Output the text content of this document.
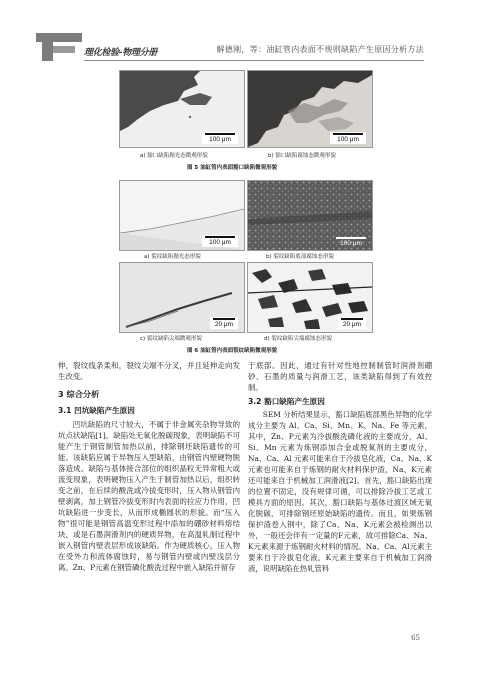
理化检验-物理分册	解德刚，等：油缸管内表面不规则缺陷产生原因分析方法
100 μm	100 μm
a) 豁口缺陷抛光态微观形貌	b) 豁口缺陷腐蚀态微观形貌
图 5 油缸管内表面豁口缺陷微观形貌
100 μm	100 μm
a) 裂纹缺陷抛光态形貌	b) 裂纹缺陷底部腐蚀态形貌
20 μm	20 μm
c) 裂纹缺陷尖端微观形貌	d) 裂纹缺陷尖端腐蚀态形貌
图 6 油缸管内表面裂纹缺陷微观形貌

伸，裂纹线条柔和，裂纹尖端不分叉，并且延伸走向发生改变。

3 综合分析
3.1 凹坑缺陷产生原因

凹坑缺陷的尺寸较大，不属于非金属夹杂物导致的坑点状缺陷[1]。缺陷处无氧化脱碳现象，表明缺陷不可能产生于钢管制管加热以前，排除钢坯缺陷遗传的可能。该缺陷应属于异物压入型缺陷，由钢管内壁硬物脱落造成。缺陷与基体接合部位的组织晶粒无异常粗大或流变现象，表明硬物压入产生于制管加热以后，组织转变之前，在后续的酸洗或冷拔变形时，压入物从钢管内壁剥离，加上钢管冷拔变形时内表面的拉应力作用，凹坑缺陷进一步变长，从而形成椭圆状的形貌。而“压入物”很可能是钢管高温变形过程中添加的硼砂材料熔结块，或是石墨润滑剂内的硬质异物，在高温轧制过程中嵌入钢管内壁表层形成该缺陷。作为硬质核心，压入物在受外力和流体腐蚀时，易与钢管内壁或内壁浅层分离。Zn、P元素在钢管磷化酸洗过程中嵌入缺陷并留存

于底部。因此，通过有针对性地控制制管时润滑剂硼砂、石墨的质量与润滑工艺，该类缺陷得到了有效控制。

3.2 豁口缺陷产生原因

SEM 分析结果显示，豁口缺陷底部黑色异物的化学成分主要为 Al、Ca、Si、Mn、K、Na、Fe 等元素，其中，Zn、P元素为冷拔酸洗磷化液的主要成分，Al、Si、Mn 元素为炼钢添加合金或脱氧剂的主要成分，Na、Ca、Al 元素可能来自于冷拔皂化液，Ca、Na、K元素也可能来自于炼钢的耐火材料保护渣，Na、K元素还可能来自于机械加工润滑液[2]。首先，豁口缺陷出现的位置不固定，没有规律可循，可以排除冷拔工艺或工模具方面的原因。其次，豁口缺陷与基体过渡区域无氧化脱碳，可排除钢坯原始缺陷的遗传。而且，如果炼钢保护渣卷入钢中，除了Ca、Na、K元素会被检测出以外，一般还会伴有一定量的F元素，故可排除Ca、Na、K元素来源于炼钢耐火材料的情况。Na、Ca、Al元素主要来自于冷拔皂化液，K元素主要来自于机械加工润滑液，说明缺陷在热轧管料

65
